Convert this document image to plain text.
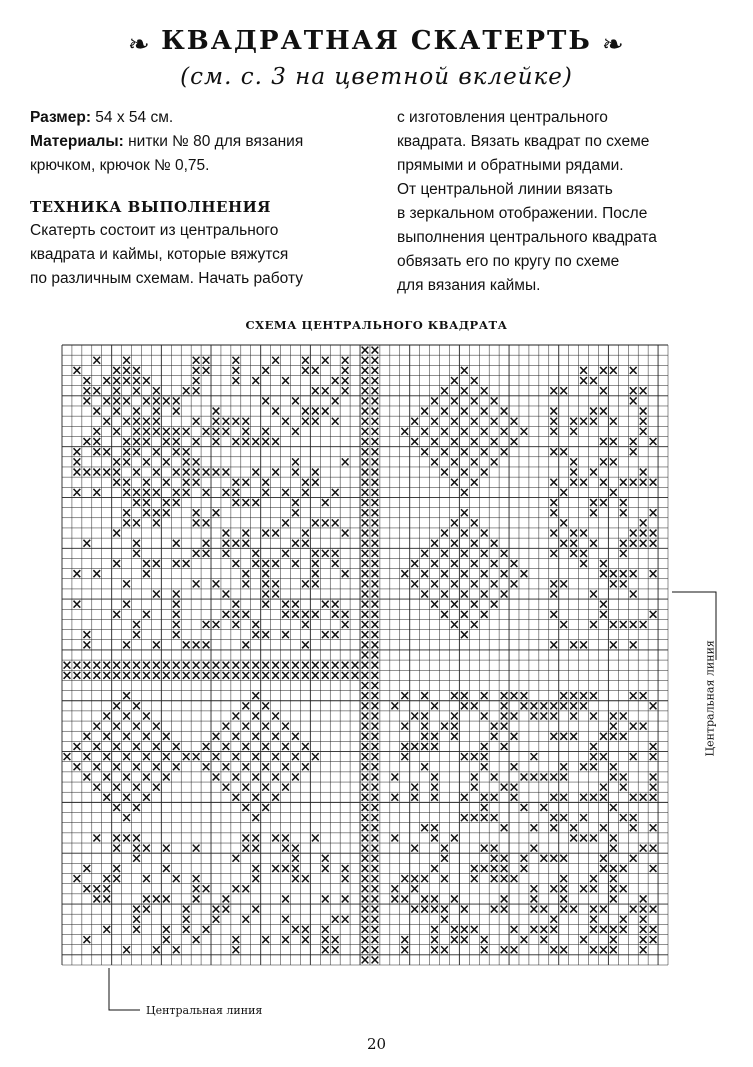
❧ КВАДРАТНАЯ СКАТЕРТЬ ❧
(см. с. 3 на цветной вклейке)

Размер: 54 х 54 см.

Материалы: нитки № 80 для вязания

крючком, крючок № 0,75.

ТЕХНИКА ВЫПОЛНЕНИЯ

Скатерть состоит из центрального

квадрата и каймы, которые вяжутся

по различным схемам. Начать работу

с изготовления центрального

квадрата. Вязать квадрат по схеме

прямыми и обратными рядами.

От центральной линии вязать

в зеркальном отображении. После

выполнения центрального квадрата

обвязать его по кругу по схеме

для вязания каймы.

СХЕМА ЦЕНТРАЛЬНОГО КВАДРАТА
Центральная линия
Центральная линия
20
